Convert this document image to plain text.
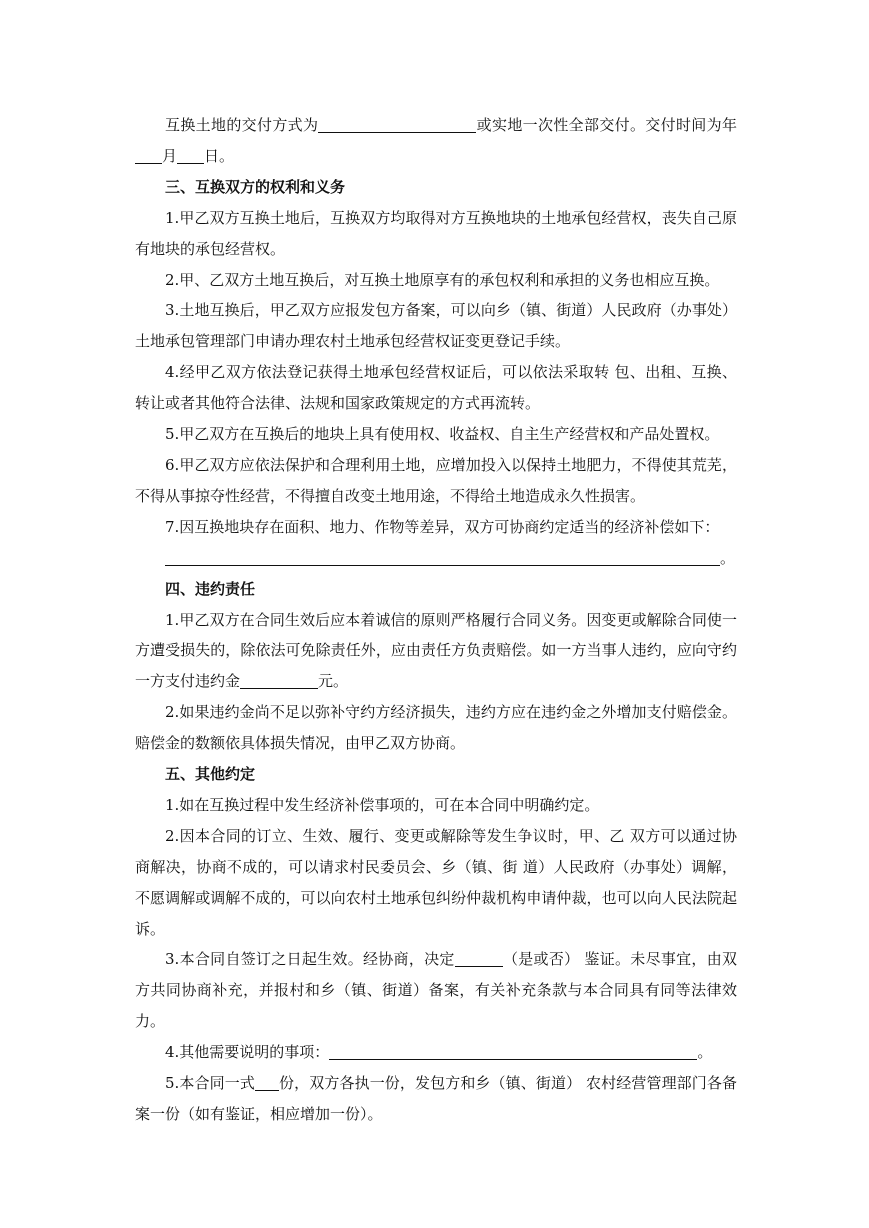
互换土地的交付方式为	或实地一次性全部交付。交付时间为年月 日。

三、互换双方的权利和义务

1.甲乙双方互换土地后，互换双方均取得对方互换地块的土地承包经营权，丧失自己原有地块的承包经营权。

2.甲、乙双方土地互换后，对互换土地原享有的承包权利和承担的义务也相应互换。

3.土地互换后，甲乙双方应报发包方备案，可以向乡（镇、街道）人民政府（办事处）土地承包管理部门申请办理农村土地承包经营权证变更登记手续。

4.经甲乙双方依法登记获得土地承包经营权证后，可以依法采取转 包、出租、互换、转让或者其他符合法律、法规和国家政策规定的方式再流转。

5.甲乙双方在互换后的地块上具有使用权、收益权、自主生产经营权和产品处置权。

6.甲乙双方应依法保护和合理利用土地，应增加投入以保持土地肥力，不得使其荒芜，不得从事掠夺性经营，不得擅自改变土地用途，不得给土地造成永久性损害。

7.因互换地块存在面积、地力、作物等差异，双方可协商约定适当的经济补偿如下：

。

四、违约责任

1.甲乙双方在合同生效后应本着诚信的原则严格履行合同义务。因变更或解除合同使一方遭受损失的，除依法可免除责任外，应由责任方负责赔偿。如一方当事人违约，应向守约一方支付违约金	元。

2.如果违约金尚不足以弥补守约方经济损失，违约方应在违约金之外增加支付赔偿金。赔偿金的数额依具体损失情况，由甲乙双方协商。

五、其他约定

1.如在互换过程中发生经济补偿事项的，可在本合同中明确约定。

2.因本合同的订立、生效、履行、变更或解除等发生争议时，甲、乙 双方可以通过协商解决，协商不成的，可以请求村民委员会、乡（镇、街 道）人民政府（办事处）调解，不愿调解或调解不成的，可以向农村土地承包纠纷仲裁机构申请仲裁，也可以向人民法院起诉。

3.本合同自签订之日起生效。经协商，决定	（是或否） 鉴证。未尽事宜，由双方共同协商补充，并报村和乡（镇、街道）备案，有关补充条款与本合同具有同等法律效力。

4.其他需要说明的事项：	。

5.本合同一式 份，双方各执一份，发包方和乡（镇、街道） 农村经营管理部门各备案一份（如有鉴证，相应增加一份）。
